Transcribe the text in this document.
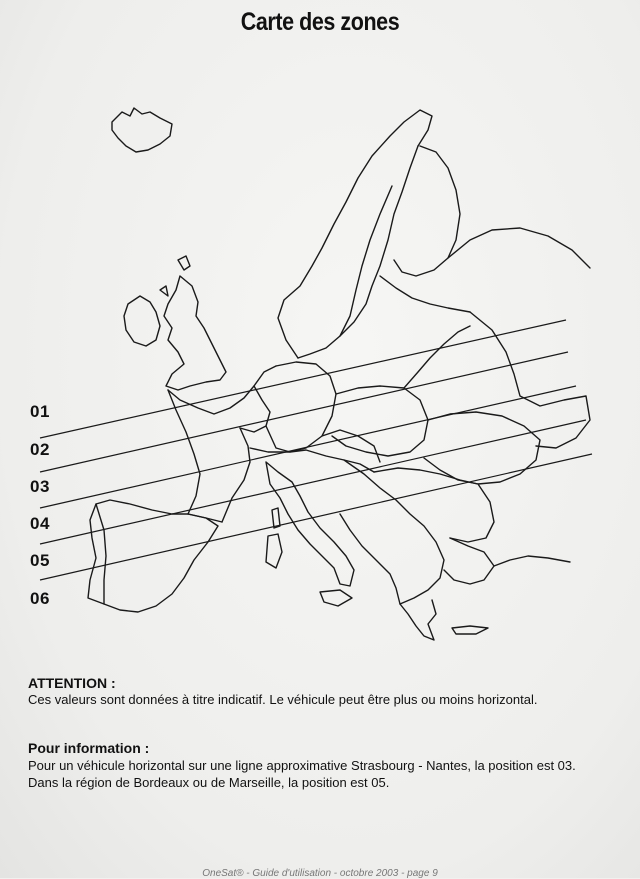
Carte des zones
01
02
03
04
05
06
ATTENTION :
Ces valeurs sont données à titre indicatif. Le véhicule peut être plus ou moins horizontal.
Pour information :
Pour un véhicule horizontal sur une ligne approximative Strasbourg - Nantes, la position est 03.
Dans la région de Bordeaux ou de Marseille, la position est 05.
OneSat® - Guide d'utilisation - octobre 2003 - page 9
